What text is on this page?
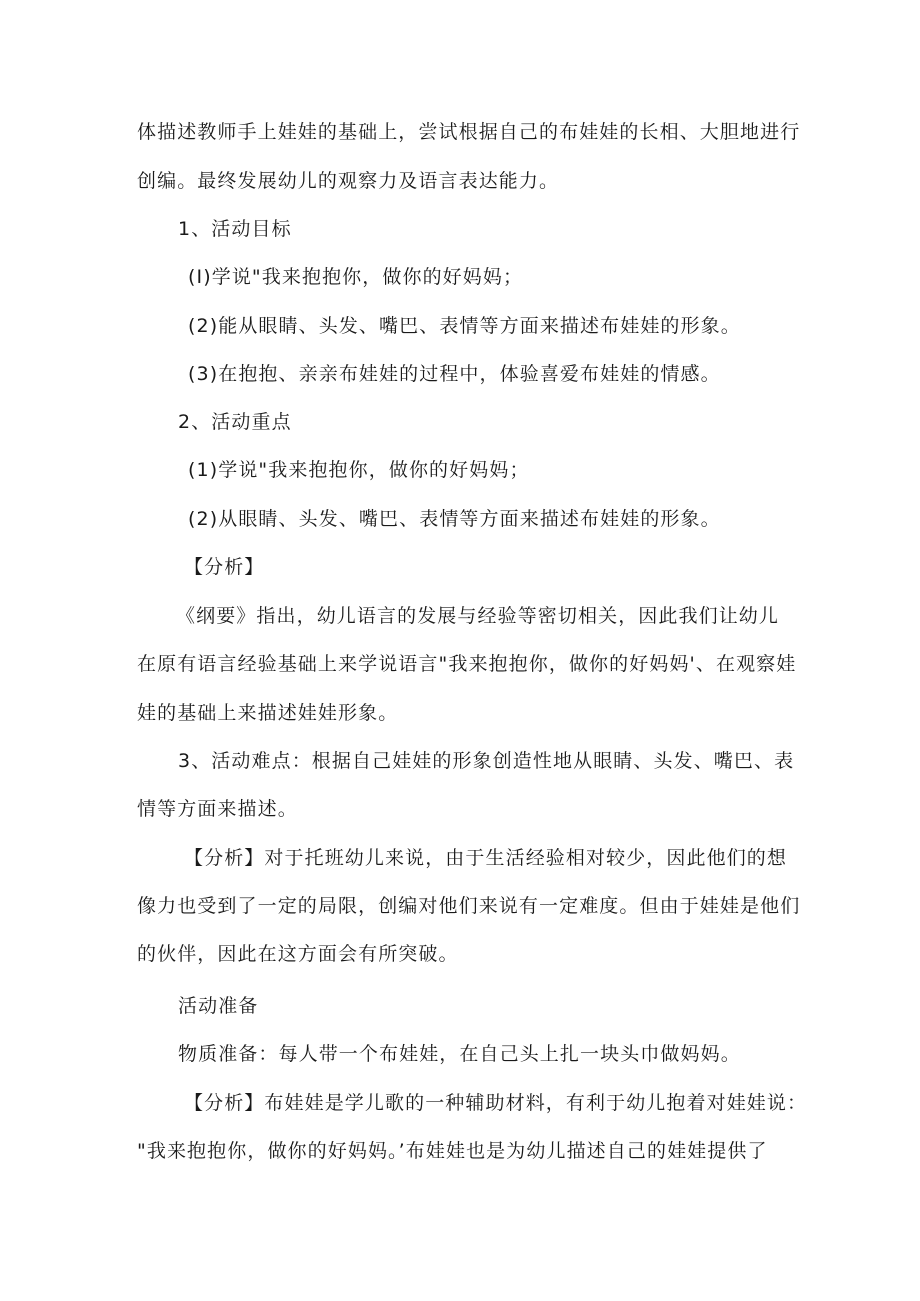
体描述教师手上娃娃的基础上，尝试根据自己的布娃娃的长相、大胆地进行
创编。最终发展幼儿的观察力及语言表达能力。
1、活动目标
(I)学说"我来抱抱你，做你的好妈妈；
(2)能从眼睛、头发、嘴巴、表情等方面来描述布娃娃的形象。
(3)在抱抱、亲亲布娃娃的过程中，体验喜爱布娃娃的情感。
2、活动重点
(1)学说"我来抱抱你，做你的好妈妈；
(2)从眼睛、头发、嘴巴、表情等方面来描述布娃娃的形象。
【分析】
《纲要》指出，幼儿语言的发展与经验等密切相关，因此我们让幼儿
在原有语言经验基础上来学说语言"我来抱抱你，做你的好妈妈'、在观察娃
娃的基础上来描述娃娃形象。
3、活动难点：根据自己娃娃的形象创造性地从眼睛、头发、嘴巴、表
情等方面来描述。
【分析】对于托班幼儿来说，由于生活经验相对较少，因此他们的想
像力也受到了一定的局限，创编对他们来说有一定难度。但由于娃娃是他们
的伙伴，因此在这方面会有所突破。
活动准备
物质准备：每人带一个布娃娃，在自己头上扎一块头巾做妈妈。
【分析】布娃娃是学儿歌的一种辅助材料，有利于幼儿抱着对娃娃说：
"我来抱抱你，做你的好妈妈。’布娃娃也是为幼儿描述自己的娃娃提供了
